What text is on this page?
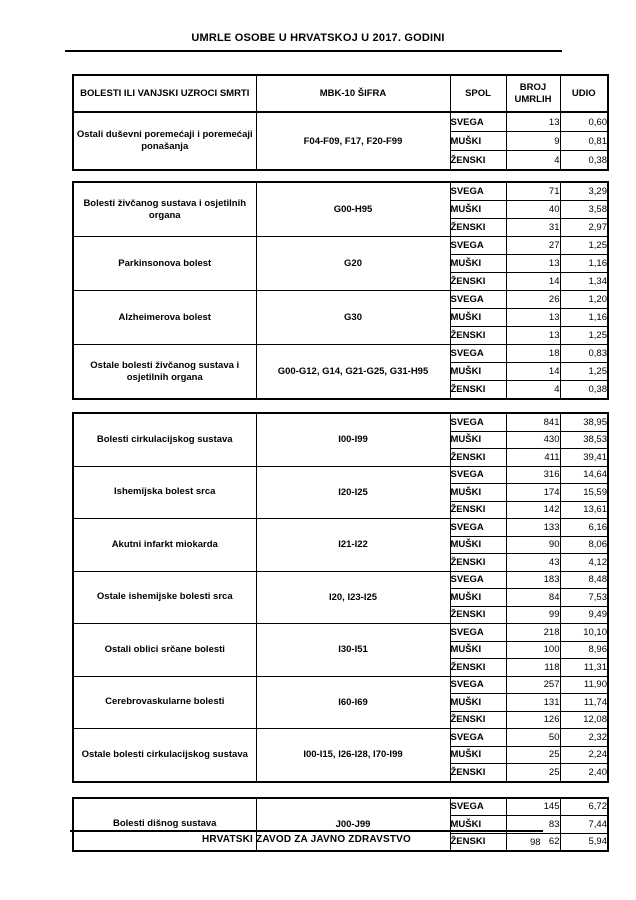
UMRLE OSOBE U HRVATSKOJ U 2017. GODINI
BOLESTI ILI VANJSKI UZROCI SMRTI	MBK-10 ŠIFRA	SPOL	BROJ UMRLIH	UDIO
Ostali duševni poremećaji i poremećaji ponašanja	F04-F09, F17, F20-F99	SVEGA	13	0,60
		MUŠKI	9	0,81
		ŽENSKI	4	0,38
Bolesti živčanog sustava i osjetilnih organa	G00-H95	SVEGA	71	3,29
		MUŠKI	40	3,58
		ŽENSKI	31	2,97
Parkinsonova bolest	G20	SVEGA	27	1,25
		MUŠKI	13	1,16
		ŽENSKI	14	1,34
Alzheimerova bolest	G30	SVEGA	26	1,20
		MUŠKI	13	1,16
		ŽENSKI	13	1,25
Ostale bolesti živčanog sustava i osjetilnih organa	G00-G12, G14, G21-G25, G31-H95	SVEGA	18	0,83
		MUŠKI	14	1,25
		ŽENSKI	4	0,38
Bolesti cirkulacijskog sustava	I00-I99	SVEGA	841	38,95
		MUŠKI	430	38,53
		ŽENSKI	411	39,41
Ishemijska bolest srca	I20-I25	SVEGA	316	14,64
		MUŠKI	174	15,59
		ŽENSKI	142	13,61
Akutni infarkt miokarda	I21-I22	SVEGA	133	6,16
		MUŠKI	90	8,06
		ŽENSKI	43	4,12
Ostale ishemijske bolesti srca	I20, I23-I25	SVEGA	183	8,48
		MUŠKI	84	7,53
		ŽENSKI	99	9,49
Ostali oblici srčane bolesti	I30-I51	SVEGA	218	10,10
		MUŠKI	100	8,96
		ŽENSKI	118	11,31
Cerebrovaskularne bolesti	I60-I69	SVEGA	257	11,90
		MUŠKI	131	11,74
		ŽENSKI	126	12,08
Ostale bolesti cirkulacijskog sustava	I00-I15, I26-I28, I70-I99	SVEGA	50	2,32
		MUŠKI	25	2,24
		ŽENSKI	25	2,40
Bolesti dišnog sustava	J00-J99	SVEGA	145	6,72
		MUŠKI	83	7,44
		ŽENSKI	62	5,94
HRVATSKI ZAVOD ZA JAVNO ZDRAVSTVO	98
